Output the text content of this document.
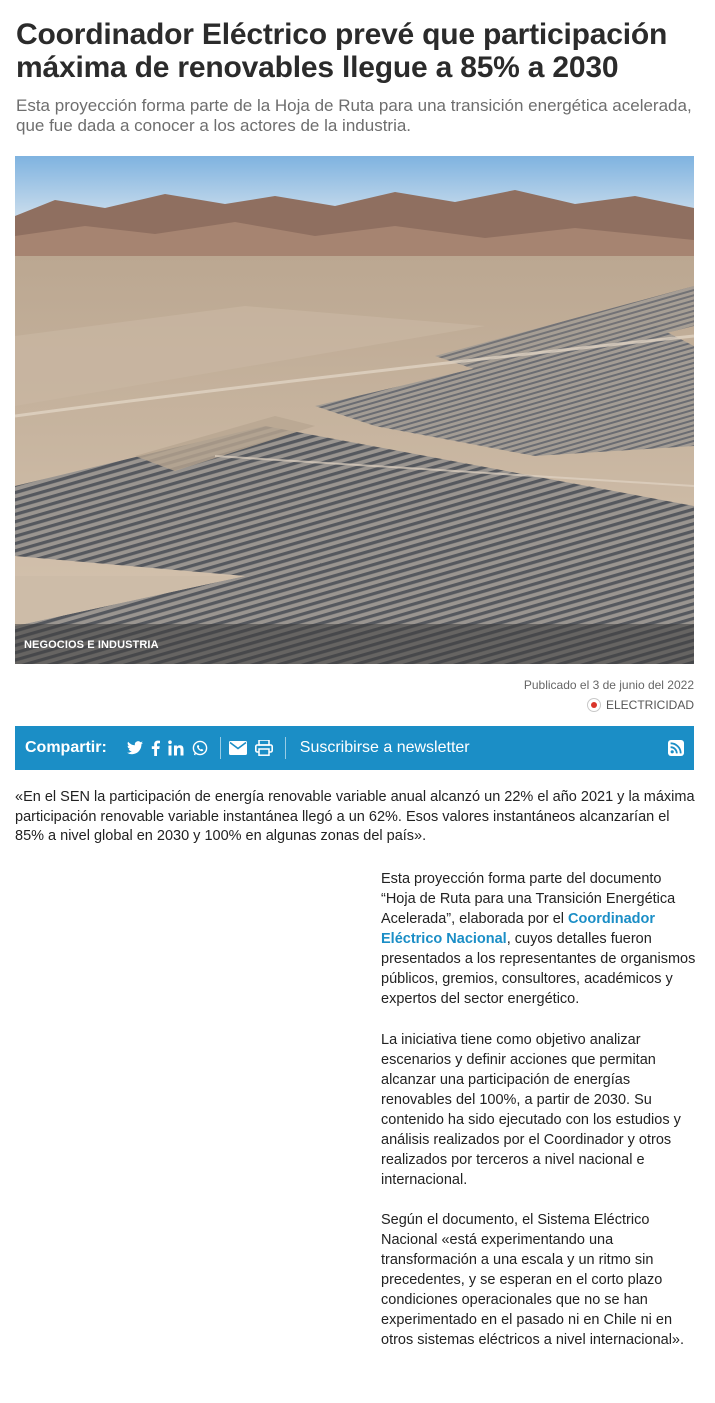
Coordinador Eléctrico prevé que participación máxima de renovables llegue a 85% a 2030

Esta proyección forma parte de la Hoja de Ruta para una transición energética acelerada, que fue dada a conocer a los actores de la industria.

NEGOCIOS E INDUSTRIA
Publicado el 3 de junio del 2022
ELECTRICIDAD
Compartir:	Suscribirse a newsletter

«En el SEN la participación de energía renovable variable anual alcanzó un 22% el año 2021 y la máxima participación renovable variable instantánea llegó a un 62%. Esos valores instantáneos alcanzarían el 85% a nivel global en 2030 y 100% en algunas zonas del país».

Esta proyección forma parte del documento “Hoja de Ruta para una Transición Energética Acelerada”, elaborada por el Coordinador Eléctrico Nacional, cuyos detalles fueron presentados a los representantes de organismos públicos, gremios, consultores, académicos y expertos del sector energético.

La iniciativa tiene como objetivo analizar escenarios y definir acciones que permitan alcanzar una participación de energías renovables del 100%, a partir de 2030. Su contenido ha sido ejecutado con los estudios y análisis realizados por el Coordinador y otros realizados por terceros a nivel nacional e internacional.

Según el documento, el Sistema Eléctrico Nacional «está experimentando una transformación a una escala y un ritmo sin precedentes, y se esperan en el corto plazo condiciones operacionales que no se han experimentado en el pasado ni en Chile ni en otros sistemas eléctricos a nivel internacional».
